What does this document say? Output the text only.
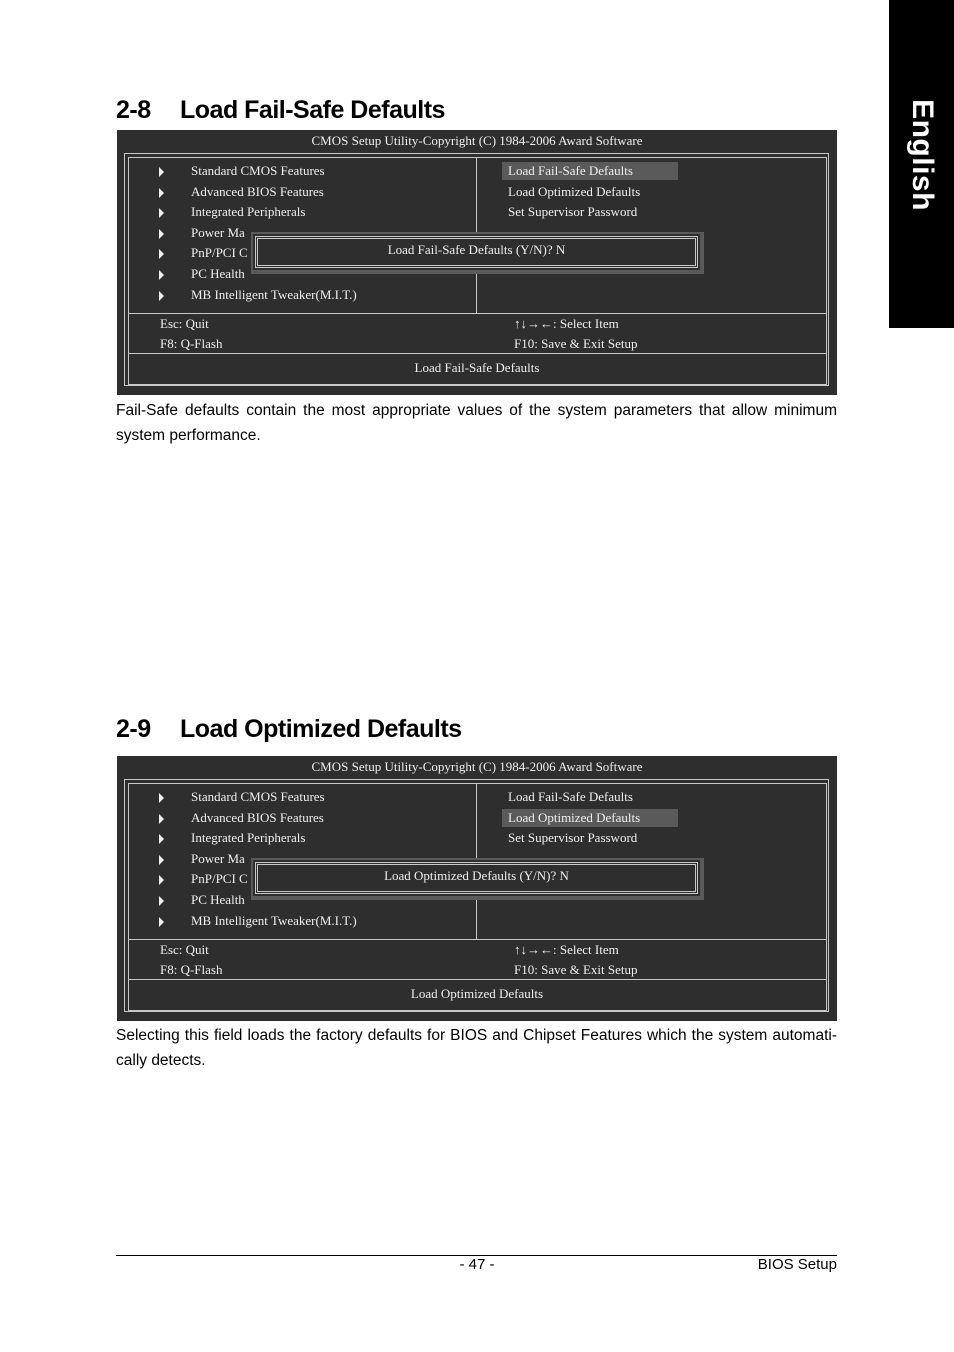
English
2-8 Load Fail-Safe Defaults
CMOS Setup Utility-Copyright (C) 1984-2006 Award Software
Standard CMOS Features
Advanced BIOS Features
Integrated Peripherals
Power Ma
PnP/PCI C
PC Health
MB Intelligent Tweaker(M.I.T.)
Load Fail-Safe Defaults
Load Optimized Defaults
Set Supervisor Password
Esc: Quit
F8: Q-Flash
↑↓→←: Select Item
F10: Save & Exit Setup
Load Fail-Safe Defaults
Load Fail-Safe Defaults (Y/N)? N

Fail-Safe defaults contain the most appropriate values of the system parameters that allow minimum system performance.

2-9 Load Optimized Defaults
CMOS Setup Utility-Copyright (C) 1984-2006 Award Software
Standard CMOS Features
Advanced BIOS Features
Integrated Peripherals
Power Ma
PnP/PCI C
PC Health
MB Intelligent Tweaker(M.I.T.)
Load Fail-Safe Defaults
Load Optimized Defaults
Set Supervisor Password
Esc: Quit
F8: Q-Flash
↑↓→←: Select Item
F10: Save & Exit Setup
Load Optimized Defaults
Load Optimized Defaults (Y/N)? N

Selecting this field loads the factory defaults for BIOS and Chipset Features which the system automati-cally detects.

- 47 -	BIOS Setup
